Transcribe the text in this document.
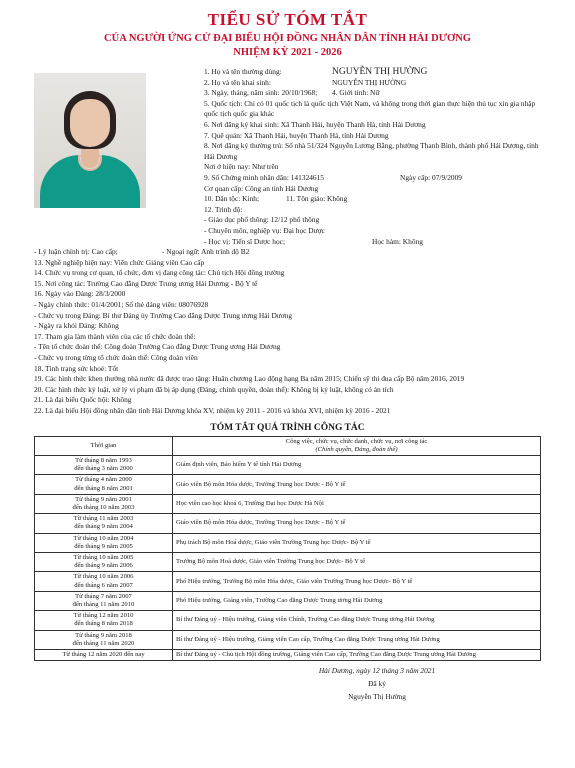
TIỂU SỬ TÓM TẮT
CỦA NGƯỜI ỨNG CỬ ĐẠI BIỂU HỘI ĐỒNG NHÂN DÂN TỈNH HẢI DƯƠNG
NHIỆM KỲ 2021 - 2026
1. Họ và tên thường dùng:	NGUYỄN THỊ HƯỜNG
2. Họ và tên khai sinh:	NGUYỄN THỊ HƯỜNG
3. Ngày, tháng, năm sinh: 20/10/1968; 4. Giới tính: Nữ
5. Quốc tịch: Chỉ có 01 quốc tịch là quốc tịch Việt Nam, và không trong thời gian thực hiện thủ tục xin gia nhập quốc tịch quốc gia khác
6. Nơi đăng ký khai sinh: Xã Thanh Hải, huyện Thanh Hà, tỉnh Hải Dương
7. Quê quán: Xã Thanh Hải, huyện Thanh Hà, tỉnh Hải Dương
8. Nơi đăng ký thường trú: Số nhà 51/324 Nguyễn Lương Bằng, phường Thanh Bình, thành phố Hải Dương, tỉnh Hải Dương
Nơi ở hiện nay: Như trên
9. Số Chứng minh nhân dân: 141324615	Ngày cấp: 07/9/2009
Cơ quan cấp: Công an tỉnh Hải Dương
10. Dân tộc: Kinh;	11. Tôn giáo: Không
12. Trình độ:
- Giáo dục phổ thông: 12/12 phổ thông
- Chuyên môn, nghiệp vụ: Đại học Dược
- Học vị: Tiến sĩ Dược học;	Học hàm: Không
- Lý luận chính trị: Cao cấp;	- Ngoại ngữ: Anh trình độ B2
13. Nghề nghiệp hiện nay: Viên chức Giảng viên Cao cấp
14. Chức vụ trong cơ quan, tổ chức, đơn vị đang công tác: Chủ tịch Hội đồng trường
15. Nơi công tác: Trường Cao đẳng Dược Trung ương Hải Dương - Bộ Y tế
16. Ngày vào Đảng: 28/3/2000
- Ngày chính thức: 01/4/2001; Số thẻ đảng viên: 08076928
- Chức vụ trong Đảng: Bí thư Đảng ủy Trường Cao đẳng Dược Trung ương Hải Dương
- Ngày ra khỏi Đảng: Không
17. Tham gia làm thành viên của các tổ chức đoàn thể:
- Tên tổ chức đoàn thể: Công đoàn Trường Cao đẳng Dược Trung ương Hải Dương
- Chức vụ trong từng tổ chức đoàn thể: Công đoàn viên
18. Tình trạng sức khoẻ: Tốt
19. Các hình thức khen thưởng nhà nước đã được trao tặng: Huân chương Lao động hạng Ba năm 2015; Chiến sỹ thi đua cấp Bộ năm 2016, 2019
20. Các hình thức kỷ luật, xử lý vi phạm đã bị áp dụng (Đảng, chính quyền, đoàn thể): Không bị kỷ luật, không có án tích
21. Là đại biểu Quốc hội: Không
22. Là đại biểu Hội đồng nhân dân tỉnh Hải Dương khóa XV, nhiệm kỳ 2011 - 2016 và khóa XVI, nhiệm kỳ 2016 - 2021
TÓM TẮT QUÁ TRÌNH CÔNG TÁC
Thời gian	Công việc, chức vụ, chức danh, chức vụ, nơi công tác
(Chính quyền, Đảng, đoàn thể)

Từ tháng 8 năm 1993
đến tháng 3 năm 2000	Giám định viên, Bảo hiểm Y tế tỉnh Hải Dương

Từ tháng 4 năm 2000
đến tháng 8 năm 2001	Giáo viên Bộ môn Hóa dược, Trường Trung học Dược - Bộ Y tế

Từ tháng 9 năm 2001
đến tháng 10 năm 2003	Học viên cao học khoá 6, Trường Đại học Dược Hà Nội

Từ tháng 11 năm 2003
đến tháng 9 năm 2004	Giáo viên Bộ môn Hóa dược, Trường Trung học Dược - Bộ Y tế

Từ tháng 10 năm 2004
đến tháng 9 năm 2005	Phụ trách Bộ môn Hoá dược, Giáo viên Trường Trung học Dược- Bộ Y tế

Từ tháng 10 năm 2005
đến tháng 9 năm 2006	Trưởng Bộ môn Hoá dược, Giáo viên Trường Trung học Dược- Bộ Y tế

Từ tháng 10 năm 2006
đến tháng 6 năm 2007	Phó Hiệu trưởng, Trưởng Bộ môn Hóa dược, Giáo viên Trường Trung học Dược- Bộ Y tế

Từ tháng 7 năm 2007
đến tháng 11 năm 2010	Phó Hiệu trưởng, Giảng viên, Trường Cao đẳng Dược Trung ương Hải Dương

Từ tháng 12 năm 2010
đến tháng 8 năm 2018	Bí thư Đảng uỷ - Hiệu trưởng, Giảng viên Chính, Trường Cao đẳng Dược Trung ương Hải Dương

Từ tháng 9 năm 2018
đến tháng 11 năm 2020	Bí thư Đảng uỷ - Hiệu trưởng, Giảng viên Cao cấp, Trường Cao đẳng Dược Trung ương Hải Dương

Từ tháng 12 năm 2020 đến nay	Bí thư Đảng uỷ - Chủ tịch Hội đồng trường, Giảng viên Cao cấp, Trường Cao đẳng Dược Trung ương Hải Dương
Hải Dương, ngày 12 tháng 3 năm 2021
Đã ký
Nguyễn Thị Hường
